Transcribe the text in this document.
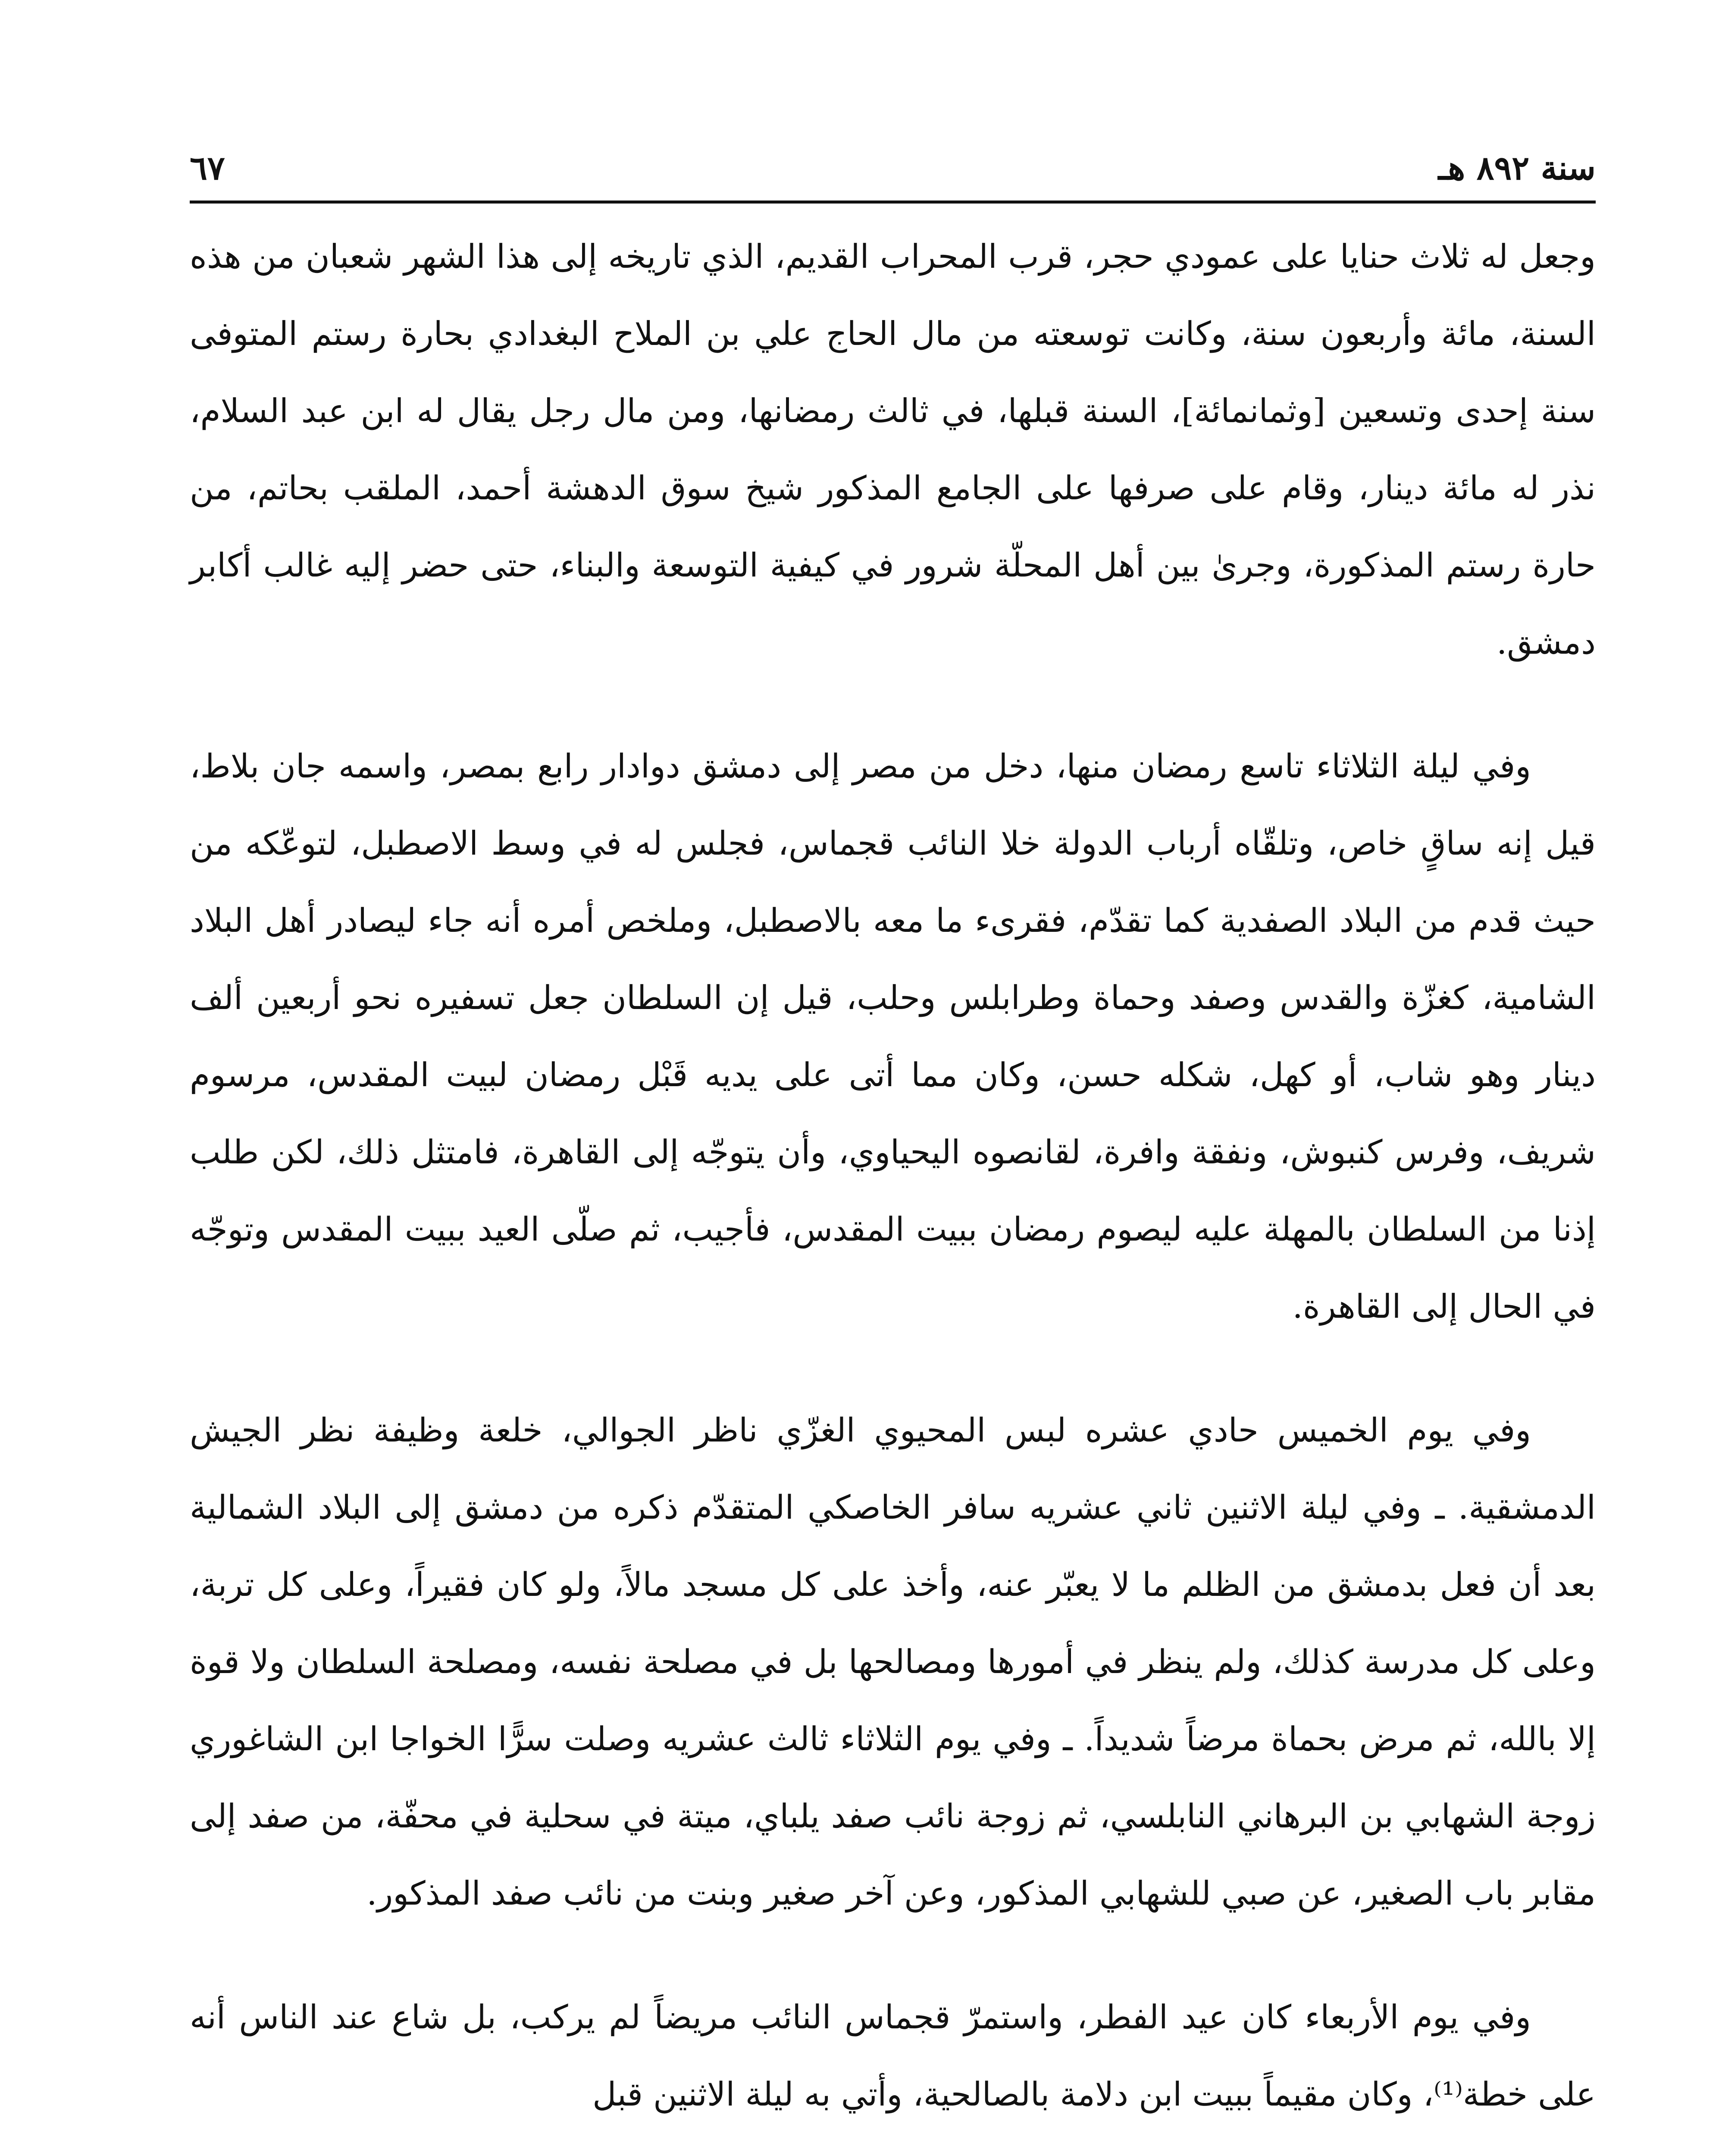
سنة ٨٩٢ هـ
٦٧

وجعل له ثلاث حنايا على عمودي حجر، قرب المحراب القديم، الذي تاريخه إلى هذا الشهر شعبان من هذه السنة، مائة وأربعون سنة، وكانت توسعته من مال الحاج علي بن الملاح البغدادي بحارة رستم المتوفى سنة إحدى وتسعين [وثمانمائة]، السنة قبلها، في ثالث رمضانها، ومن مال رجل يقال له ابن عبد السلام، نذر له مائة دينار، وقام على صرفها على الجامع المذكور شيخ سوق الدهشة أحمد، الملقب بحاتم، من حارة رستم المذكورة، وجرىٰ بين أهل المحلّة شرور في كيفية التوسعة والبناء، حتى حضر إليه غالب أكابر دمشق.

وفي ليلة الثلاثاء تاسع رمضان منها، دخل من مصر إلى دمشق دوادار رابع بمصر، واسمه جان بلاط، قيل إنه ساقٍ خاص، وتلقّاه أرباب الدولة خلا النائب قجماس، فجلس له في وسط الاصطبل، لتوعّكه من حيث قدم من البلاد الصفدية كما تقدّم، فقرىء ما معه بالاصطبل، وملخص أمره أنه جاء ليصادر أهل البلاد الشامية، كغزّة والقدس وصفد وحماة وطرابلس وحلب، قيل إن السلطان جعل تسفيره نحو أربعين ألف دينار وهو شاب، أو كهل، شكله حسن، وكان مما أتى على يديه قَبْل رمضان لبيت المقدس، مرسوم شريف، وفرس كنبوش، ونفقة وافرة، لقانصوه اليحياوي، وأن يتوجّه إلى القاهرة، فامتثل ذلك، لكن طلب إذنا من السلطان بالمهلة عليه ليصوم رمضان ببيت المقدس، فأجيب، ثم صلّى العيد ببيت المقدس وتوجّه في الحال إلى القاهرة.

وفي يوم الخميس حادي عشره لبس المحيوي الغزّي ناظر الجوالي، خلعة وظيفة نظر الجيش الدمشقية. ـ وفي ليلة الاثنين ثاني عشريه سافر الخاصكي المتقدّم ذكره من دمشق إلى البلاد الشمالية بعد أن فعل بدمشق من الظلم ما لا يعبّر عنه، وأخذ على كل مسجد مالاً، ولو كان فقيراً، وعلى كل تربة، وعلى كل مدرسة كذلك، ولم ينظر في أمورها ومصالحها بل في مصلحة نفسه، ومصلحة السلطان ولا قوة إلا بالله، ثم مرض بحماة مرضاً شديداً. ـ وفي يوم الثلاثاء ثالث عشريه وصلت سرًّا الخواجا ابن الشاغوري زوجة الشهابي بن البرهاني النابلسي، ثم زوجة نائب صفد يلباي، ميتة في سحلية في محفّة، من صفد إلى مقابر باب الصغير، عن صبي للشهابي المذكور، وعن آخر صغير وبنت من نائب صفد المذكور.

وفي يوم الأربعاء كان عيد الفطر، واستمرّ قجماس النائب مريضاً لم يركب، بل شاع عند الناس أنه على خطة⁽¹⁾، وكان مقيماً ببيت ابن دلامة بالصالحية، وأتي به ليلة الاثنين قبل
